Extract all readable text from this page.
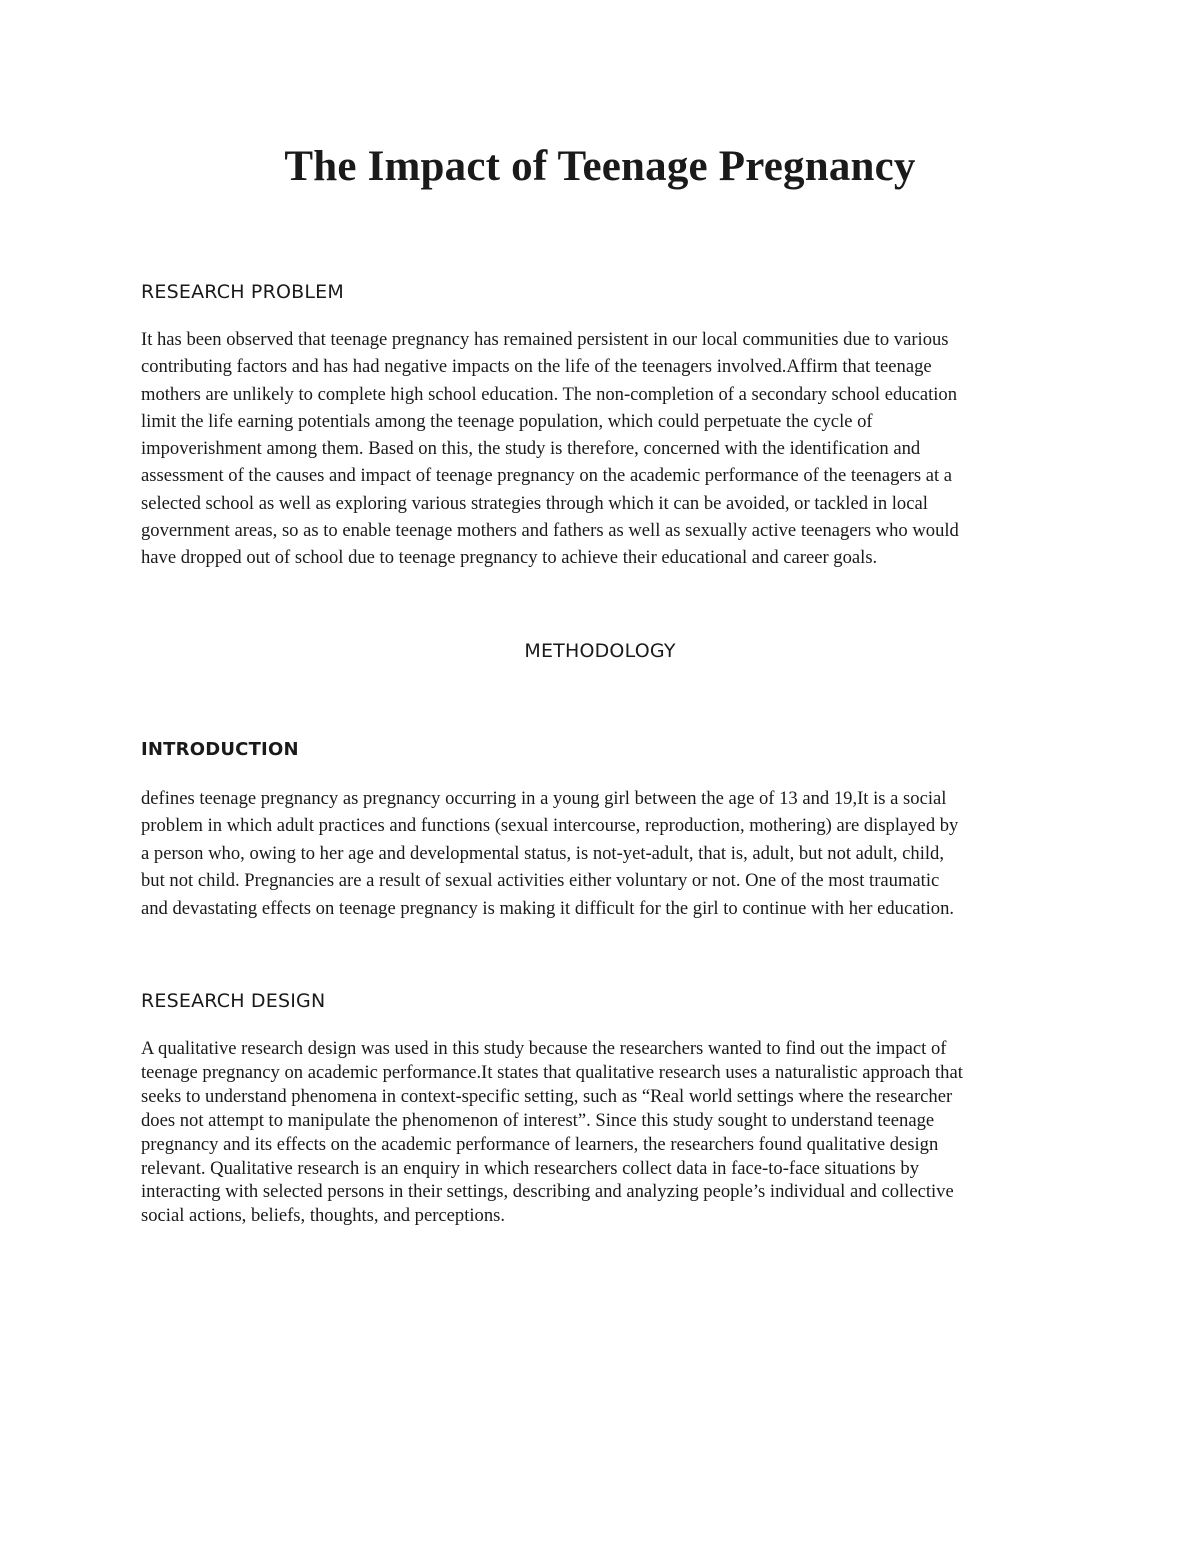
The Impact of Teenage Pregnancy
RESEARCH PROBLEM

It has been observed that teenage pregnancy has remained persistent in our local communities due to various
contributing factors and has had negative impacts on the life of the teenagers involved.Affirm that teenage
mothers are unlikely to complete high school education. The non-completion of a secondary school education
limit the life earning potentials among the teenage population, which could perpetuate the cycle of
impoverishment among them. Based on this, the study is therefore, concerned with the identification and
assessment of the causes and impact of teenage pregnancy on the academic performance of the teenagers at a
selected school as well as exploring various strategies through which it can be avoided, or tackled in local
government areas, so as to enable teenage mothers and fathers as well as sexually active teenagers who would
have dropped out of school due to teenage pregnancy to achieve their educational and career goals.

METHODOLOGY
INTRODUCTION

defines teenage pregnancy as pregnancy occurring in a young girl between the age of 13 and 19,It is a social
problem in which adult practices and functions (sexual intercourse, reproduction, mothering) are displayed by
a person who, owing to her age and developmental status, is not-yet-adult, that is, adult, but not adult, child,
but not child. Pregnancies are a result of sexual activities either voluntary or not. One of the most traumatic
and devastating effects on teenage pregnancy is making it difficult for the girl to continue with her education.

RESEARCH DESIGN

A qualitative research design was used in this study because the researchers wanted to find out the impact of
teenage pregnancy on academic performance.It states that qualitative research uses a naturalistic approach that
seeks to understand phenomena in context-specific setting, such as “Real world settings where the researcher
does not attempt to manipulate the phenomenon of interest”. Since this study sought to understand teenage
pregnancy and its effects on the academic performance of learners, the researchers found qualitative design
relevant. Qualitative research is an enquiry in which researchers collect data in face-to-face situations by
interacting with selected persons in their settings, describing and analyzing people’s individual and collective
social actions, beliefs, thoughts, and perceptions.
